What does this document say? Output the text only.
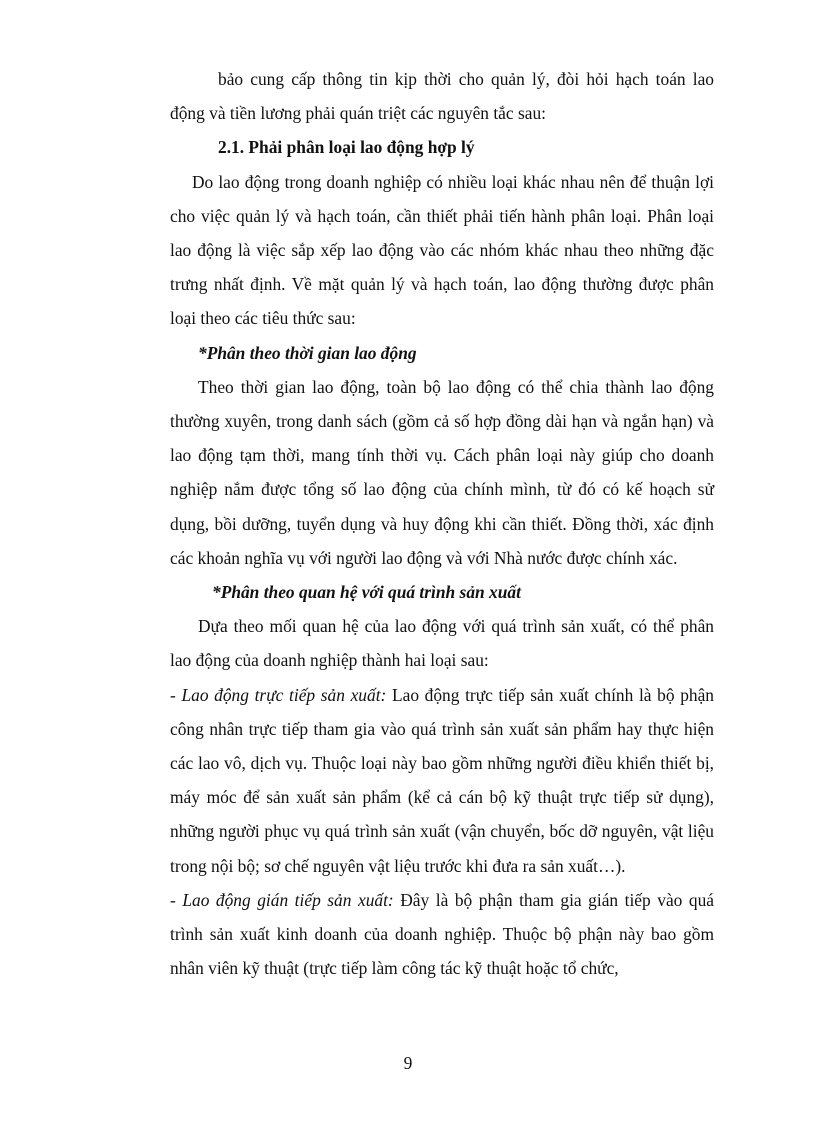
bảo cung cấp thông tin kịp thời cho quản lý, đòi hỏi hạch toán lao động và tiền lương phải quán triệt các nguyên tắc sau:

2.1. Phải phân loại lao động hợp lý

Do lao động trong doanh nghiệp có nhiều loại khác nhau nên để thuận lợi cho việc quản lý và hạch toán, cần thiết phải tiến hành phân loại. Phân loại lao động là việc sắp xếp lao động vào các nhóm khác nhau theo những đặc trưng nhất định. Về mặt quản lý và hạch toán, lao động thường được phân loại theo các tiêu thức sau:

*Phân theo thời gian lao động

Theo thời gian lao động, toàn bộ lao động có thể chia thành lao động thường xuyên, trong danh sách (gồm cả số hợp đồng dài hạn và ngắn hạn) và lao động tạm thời, mang tính thời vụ. Cách phân loại này giúp cho doanh nghiệp nắm được tổng số lao động của chính mình, từ đó có kế hoạch sử dụng, bồi dưỡng, tuyển dụng và huy động khi cần thiết. Đồng thời, xác định các khoản nghĩa vụ với người lao động và với Nhà nước được chính xác.

*Phân theo quan hệ với quá trình sản xuất

Dựa theo mối quan hệ của lao động với quá trình sản xuất, có thể phân lao động của doanh nghiệp thành hai loại sau:

- Lao động trực tiếp sản xuất: Lao động trực tiếp sản xuất chính là bộ phận công nhân trực tiếp tham gia vào quá trình sản xuất sản phẩm hay thực hiện các lao vô, dịch vụ. Thuộc loại này bao gồm những người điều khiển thiết bị, máy móc để sản xuất sản phẩm (kể cả cán bộ kỹ thuật trực tiếp sử dụng), những người phục vụ quá trình sản xuất (vận chuyển, bốc dỡ nguyên, vật liệu trong nội bộ; sơ chế nguyên vật liệu trước khi đưa ra sản xuất…).

- Lao động gián tiếp sản xuất: Đây là bộ phận tham gia gián tiếp vào quá trình sản xuất kinh doanh của doanh nghiệp. Thuộc bộ phận này bao gồm nhân viên kỹ thuật (trực tiếp làm công tác kỹ thuật hoặc tổ chức,

9
